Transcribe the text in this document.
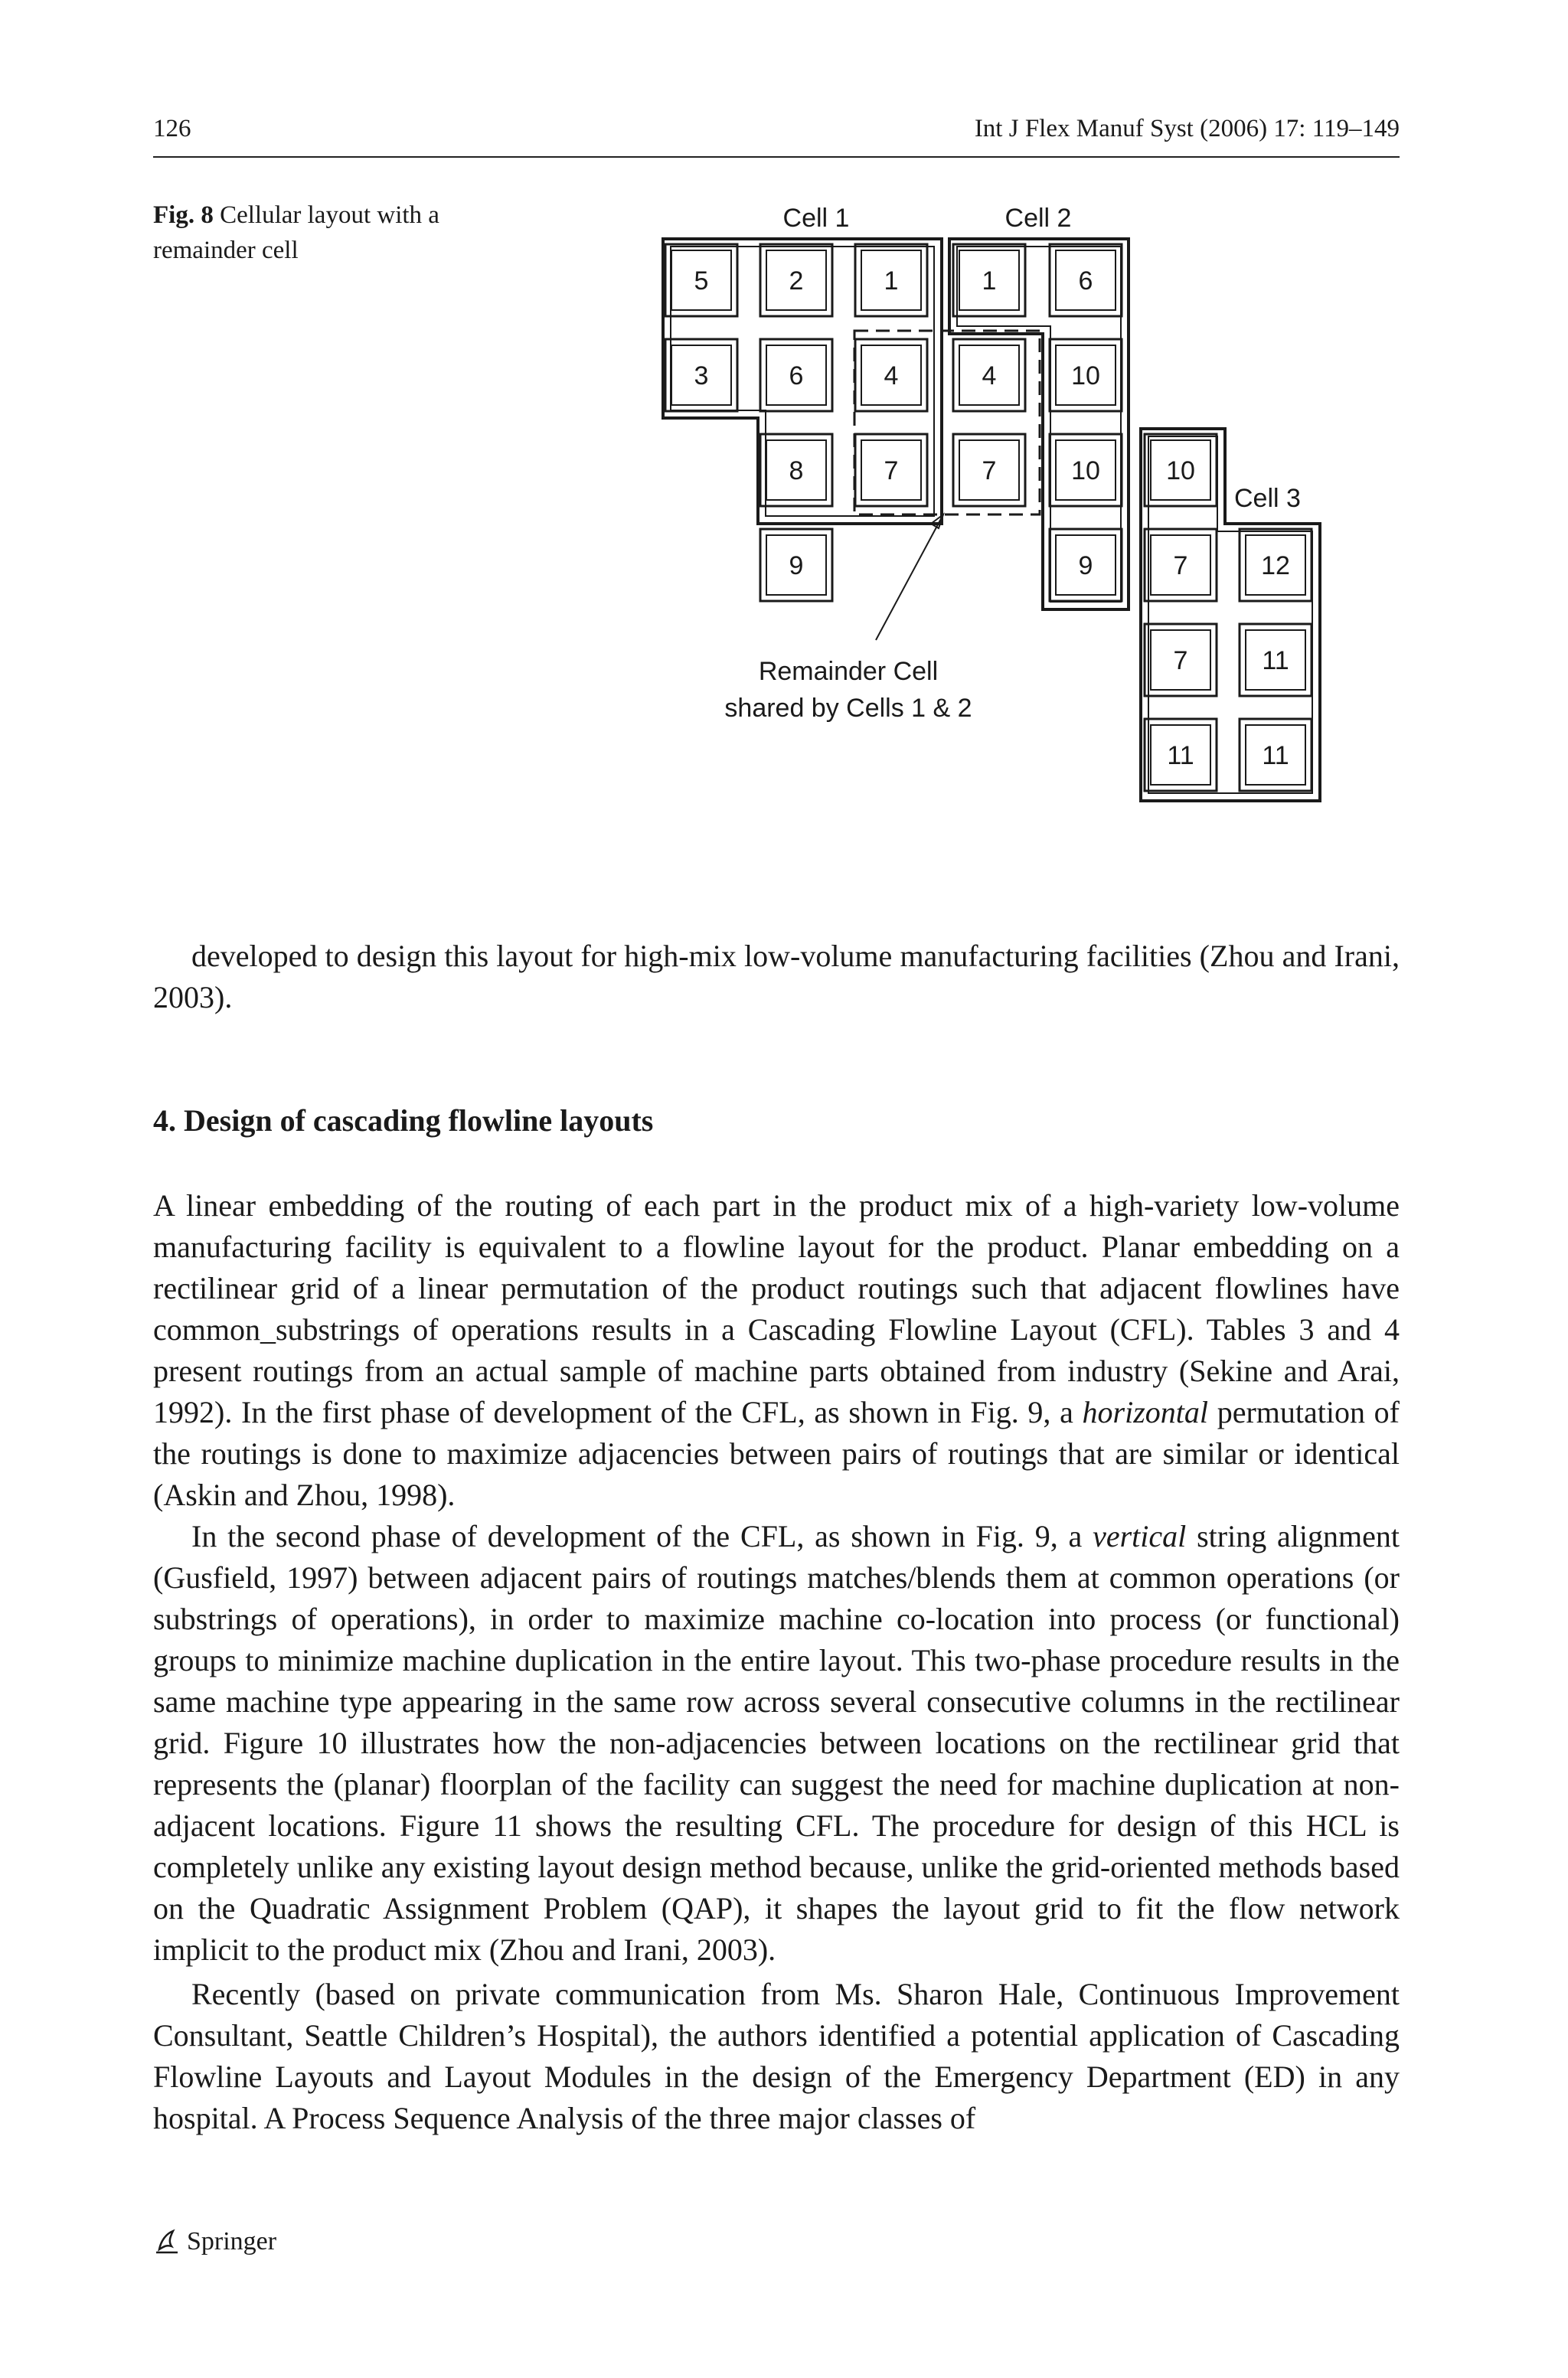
126	Int J Flex Manuf Syst (2006) 17: 119–149
Fig. 8 Cellular layout with a remainder cell
5	2	1
3	6
8
9
4	4
7	7
1	6
10
10
9
10
7	12
7	11
11	11
Cell 1	Cell 2
Cell 3
Remainder Cell
shared by Cells 1 & 2

developed to design this layout for high-mix low-volume manufacturing facilities (Zhou and Irani, 2003).

4. Design of cascading flowline layouts

A linear embedding of the routing of each part in the product mix of a high-variety low-volume manufacturing facility is equivalent to a flowline layout for the product. Planar embedding on a rectilinear grid of a linear permutation of the product routings such that adjacent flowlines have common_substrings of operations results in a Cascading Flowline Layout (CFL). Tables 3 and 4 present routings from an actual sample of machine parts obtained from industry (Sekine and Arai, 1992). In the first phase of development of the CFL, as shown in Fig. 9, a horizontal permutation of the routings is done to maximize adjacencies between pairs of routings that are similar or identical (Askin and Zhou, 1998).

In the second phase of development of the CFL, as shown in Fig. 9, a vertical string alignment (Gusfield, 1997) between adjacent pairs of routings matches/blends them at common operations (or substrings of operations), in order to maximize machine co-location into process (or functional) groups to minimize machine duplication in the entire layout. This two-phase procedure results in the same machine type appearing in the same row across several consecutive columns in the rectilinear grid. Figure 10 illustrates how the non-adjacencies between locations on the rectilinear grid that represents the (planar) floorplan of the facility can suggest the need for machine duplication at non-adjacent locations. Figure 11 shows the resulting CFL. The procedure for design of this HCL is completely unlike any existing layout design method because, unlike the grid-oriented methods based on the Quadratic Assignment Problem (QAP), it shapes the layout grid to fit the flow network implicit to the product mix (Zhou and Irani, 2003).

Recently (based on private communication from Ms. Sharon Hale, Continuous Improvement Consultant, Seattle Children’s Hospital), the authors identified a potential application of Cascading Flowline Layouts and Layout Modules in the design of the Emergency Department (ED) in any hospital. A Process Sequence Analysis of the three major classes of

Springer
